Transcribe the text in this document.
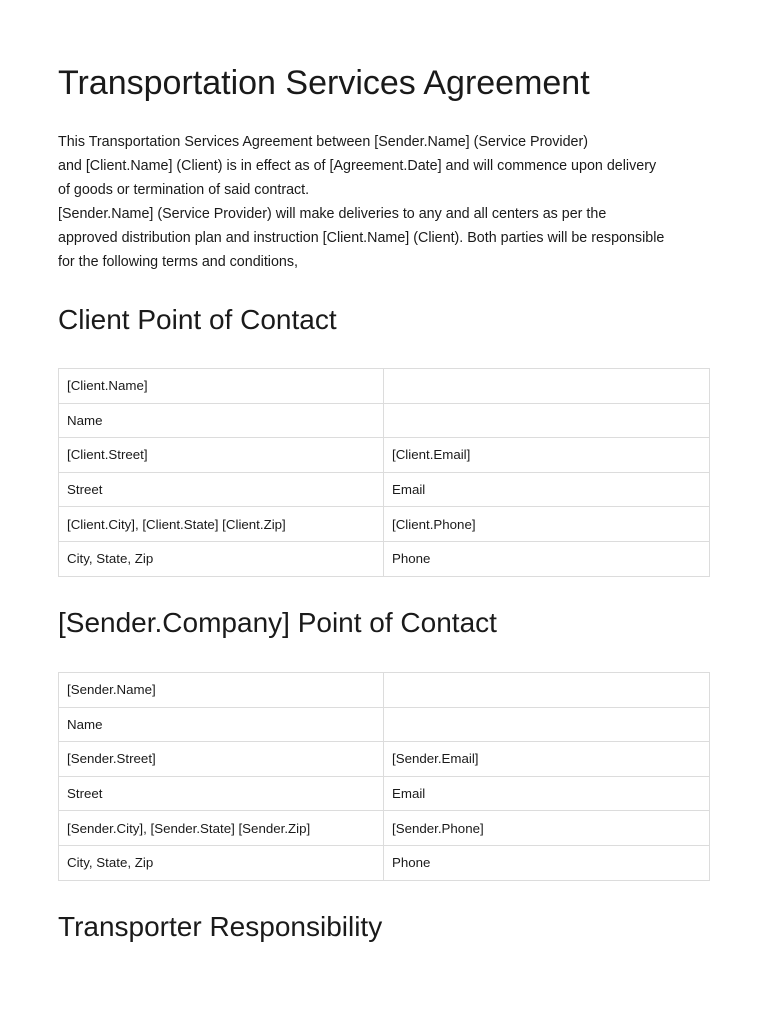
Transportation Services Agreement

This Transportation Services Agreement between [Sender.Name] (Service Provider)

and [Client.Name] (Client) is in effect as of [Agreement.Date] and will commence upon delivery

of goods or termination of said contract.

[Sender.Name] (Service Provider) will make deliveries to any and all centers as per the

approved distribution plan and instruction [Client.Name] (Client). Both parties will be responsible

for the following terms and conditions,

Client Point of Contact
[Client.Name]	
Name	
[Client.Street]	[Client.Email]
Street	Email
[Client.City], [Client.State] [Client.Zip]	[Client.Phone]
City, State, Zip	Phone
[Sender.Company] Point of Contact
[Sender.Name]	
Name	
[Sender.Street]	[Sender.Email]
Street	Email
[Sender.City], [Sender.State] [Sender.Zip]	[Sender.Phone]
City, State, Zip	Phone
Transporter Responsibility
